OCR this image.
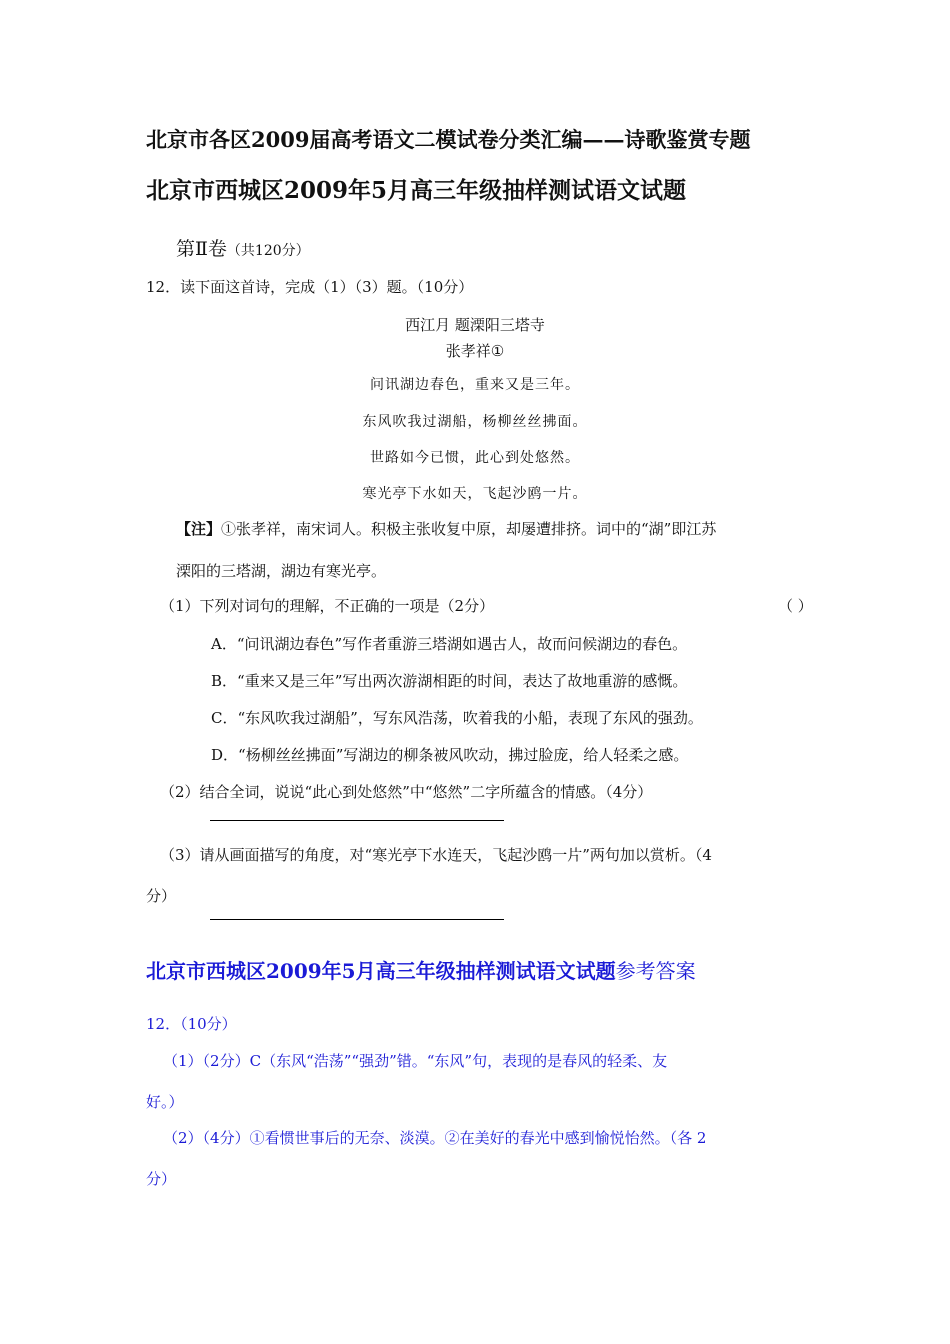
北京市各区2009届高考语文二模试卷分类汇编——诗歌鉴赏专题
北京市西城区2009年5月高三年级抽样测试语文试题
第Ⅱ卷（共120分）
12．读下面这首诗，完成（1）（3）题。（10分）
西江月 题溧阳三塔寺
张孝祥①
问讯湖边春色，重来又是三年。
东风吹我过湖船，杨柳丝丝拂面。
世路如今已惯，此心到处悠然。
寒光亭下水如天，飞起沙鸥一片。
【注】①张孝祥，南宋词人。积极主张收复中原，却屡遭排挤。词中的“湖”即江苏
溧阳的三塔湖，湖边有寒光亭。
（1）下列对词句的理解，不正确的一项是（2分）	（ ）
A．“问讯湖边春色”写作者重游三塔湖如遇古人，故而问候湖边的春色。
B．“重来又是三年”写出两次游湖相距的时间，表达了故地重游的感慨。
C．“东风吹我过湖船”，写东风浩荡，吹着我的小船，表现了东风的强劲。
D．“杨柳丝丝拂面”写湖边的柳条被风吹动，拂过脸庞，给人轻柔之感。
（2）结合全词，说说“此心到处悠然”中“悠然”二字所蕴含的情感。（4分）
（3）请从画面描写的角度，对“寒光亭下水连天，飞起沙鸥一片”两句加以赏析。（4
分）
北京市西城区2009年5月高三年级抽样测试语文试题参考答案
12．（10分）
（1）（2分）C（东风“浩荡”“强劲”错。“东风”句，表现的是春风的轻柔、友
好。）
（2）（4分）①看惯世事后的无奈、淡漠。②在美好的春光中感到愉悦怡然。（各 2
分）
